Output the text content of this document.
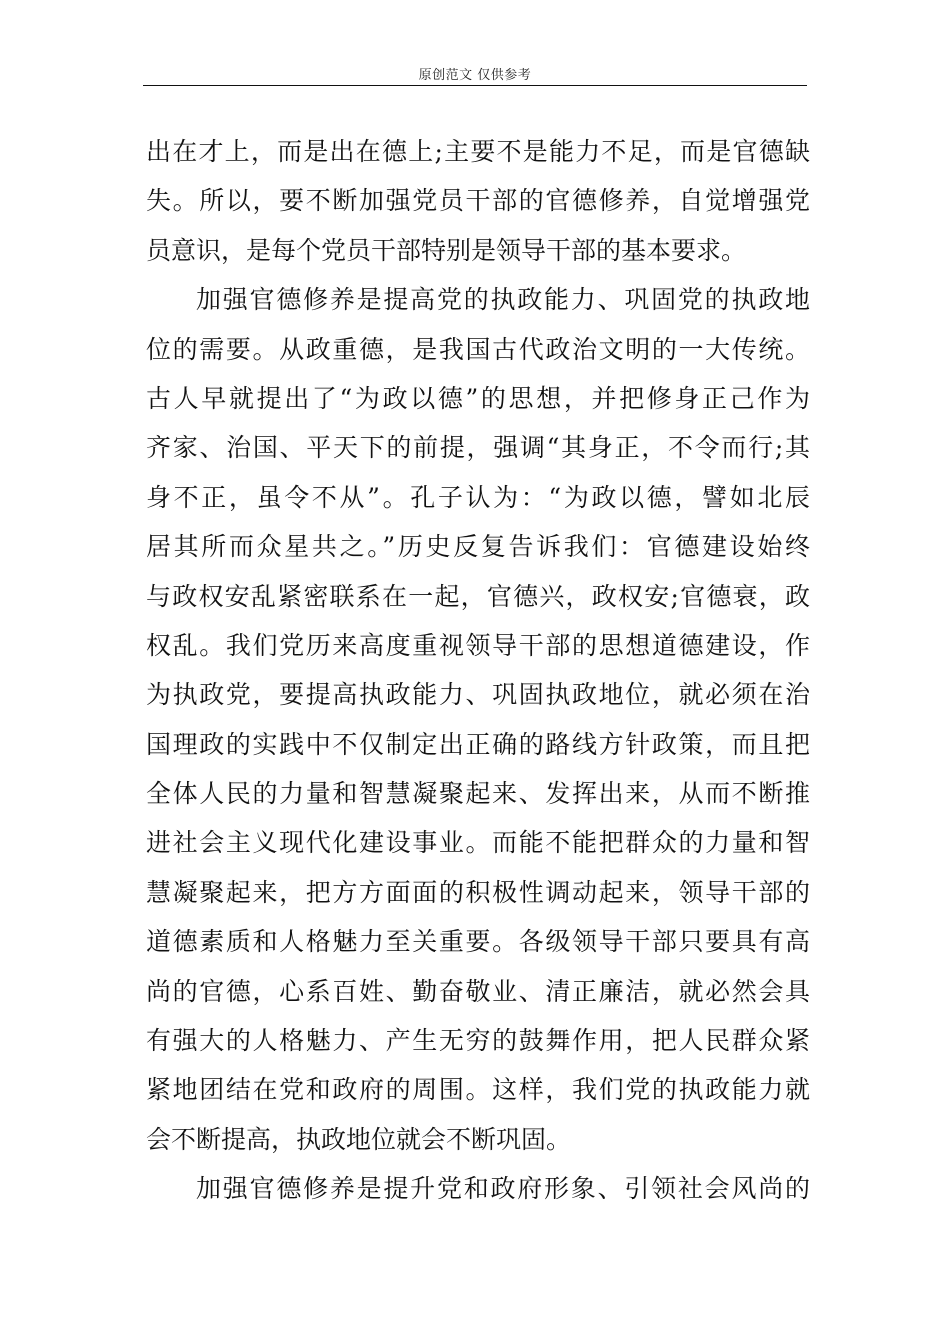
原创范文 仅供参考
出在才上，而是出在德上;主要不是能力不足，而是官德缺
失。所以，要不断加强党员干部的官德修养，自觉增强党
员意识，是每个党员干部特别是领导干部的基本要求。
加强官德修养是提高党的执政能力、巩固党的执政地
位的需要。从政重德，是我国古代政治文明的一大传统。
古人早就提出了“为政以德”的思想，并把修身正己作为
齐家、治国、平天下的前提，强调“其身正，不令而行;其
身不正，虽令不从”。孔子认为：“为政以德，譬如北辰
居其所而众星共之。”历史反复告诉我们：官德建设始终
与政权安乱紧密联系在一起，官德兴，政权安;官德衰，政
权乱。我们党历来高度重视领导干部的思想道德建设，作
为执政党，要提高执政能力、巩固执政地位，就必须在治
国理政的实践中不仅制定出正确的路线方针政策，而且把
全体人民的力量和智慧凝聚起来、发挥出来，从而不断推
进社会主义现代化建设事业。而能不能把群众的力量和智
慧凝聚起来，把方方面面的积极性调动起来，领导干部的
道德素质和人格魅力至关重要。各级领导干部只要具有高
尚的官德，心系百姓、勤奋敬业、清正廉洁，就必然会具
有强大的人格魅力、产生无穷的鼓舞作用，把人民群众紧
紧地团结在党和政府的周围。这样，我们党的执政能力就
会不断提高，执政地位就会不断巩固。
加强官德修养是提升党和政府形象、引领社会风尚的
